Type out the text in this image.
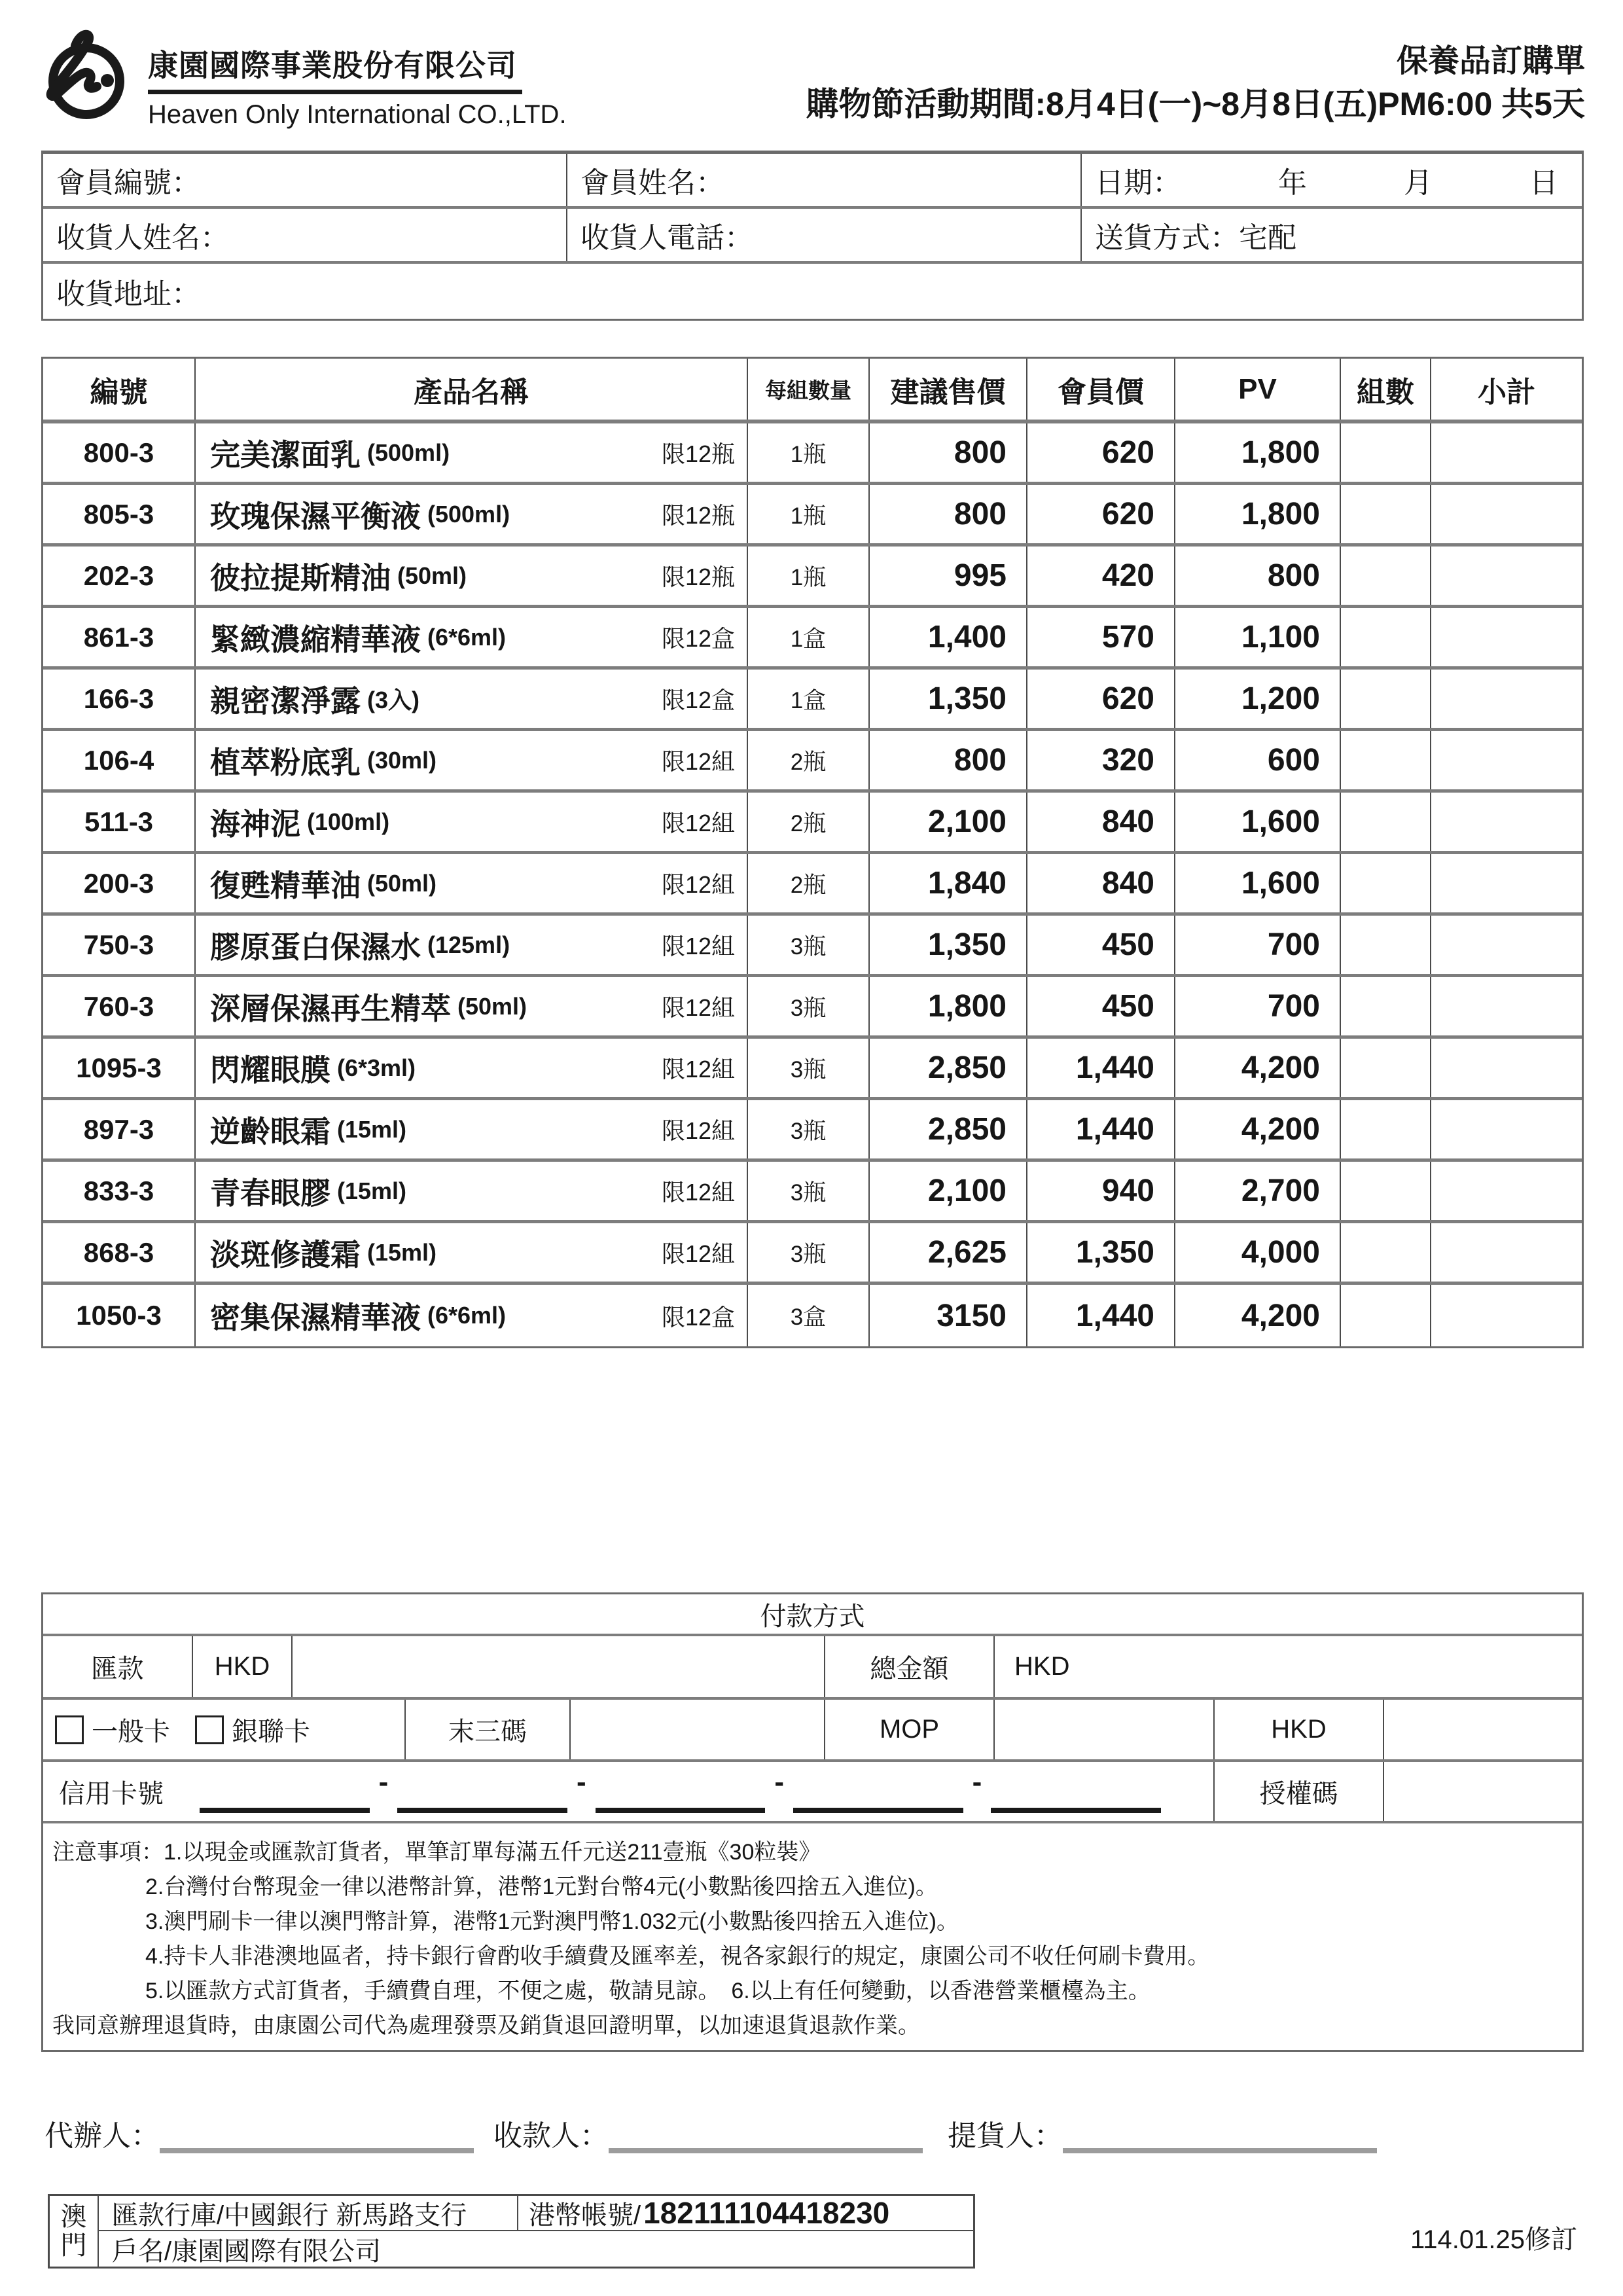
康園國際事業股份有限公司
Heaven Only International CO.,LTD.
保養品訂購單
購物節活動期間:8月4日(一)~8月8日(五)PM6:00 共5天
會員編號：	會員姓名：	日期：	年	月	日
收貨人姓名：	收貨人電話：	送貨方式：宅配
收貨地址：
編號	產品名稱	每組數量	建議售價	會員價	PV	組數	小計
800-3	完美潔面乳 (500ml)	限12瓶	1瓶	800	620	1,800
805-3	玫瑰保濕平衡液 (500ml)	限12瓶	1瓶	800	620	1,800
202-3	彼拉提斯精油 (50ml)	限12瓶	1瓶	995	420	800
861-3	緊緻濃縮精華液 (6*6ml)	限12盒	1盒	1,400	570	1,100
166-3	親密潔淨露 (3入)	限12盒	1盒	1,350	620	1,200
106-4	植萃粉底乳 (30ml)	限12組	2瓶	800	320	600
511-3	海神泥 (100ml)	限12組	2瓶	2,100	840	1,600
200-3	復甦精華油 (50ml)	限12組	2瓶	1,840	840	1,600
750-3	膠原蛋白保濕水 (125ml)	限12組	3瓶	1,350	450	700
760-3	深層保濕再生精萃 (50ml)	限12組	3瓶	1,800	450	700
1095-3	閃耀眼膜 (6*3ml)	限12組	3瓶	2,850	1,440	4,200
897-3	逆齡眼霜 (15ml)	限12組	3瓶	2,850	1,440	4,200
833-3	青春眼膠 (15ml)	限12組	3瓶	2,100	940	2,700
868-3	淡斑修護霜 (15ml)	限12組	3瓶	2,625	1,350	4,000
1050-3	密集保濕精華液 (6*6ml)	限12盒	3盒	3150	1,440	4,200
付款方式
匯款	HKD	總金額	HKD
一般卡 銀聯卡	末三碼	MOP	HKD
信用卡號	-	-	-	-	授權碼
注意事項：1.以現金或匯款訂貨者，單筆訂單每滿五仟元送211壹瓶《30粒裝》
2.台灣付台幣現金一律以港幣計算，港幣1元對台幣4元(小數點後四捨五入進位)。
3.澳門刷卡一律以澳門幣計算，港幣1元對澳門幣1.032元(小數點後四捨五入進位)。
4.持卡人非港澳地區者，持卡銀行會酌收手續費及匯率差，視各家銀行的規定，康園公司不收任何刷卡費用。
5.以匯款方式訂貨者，手續費自理，不便之處，敬請見諒。　6.以上有任何變動，以香港營業櫃檯為主。
我同意辦理退貨時，由康園公司代為處理發票及銷貨退回證明單，以加速退貨退款作業。
代辦人：	收款人：	提貨人：
澳
門
匯款行庫/中國銀行 新馬路支行	港幣帳號/ 182111104418230
戶名/康園國際有限公司	114.01.25修訂
